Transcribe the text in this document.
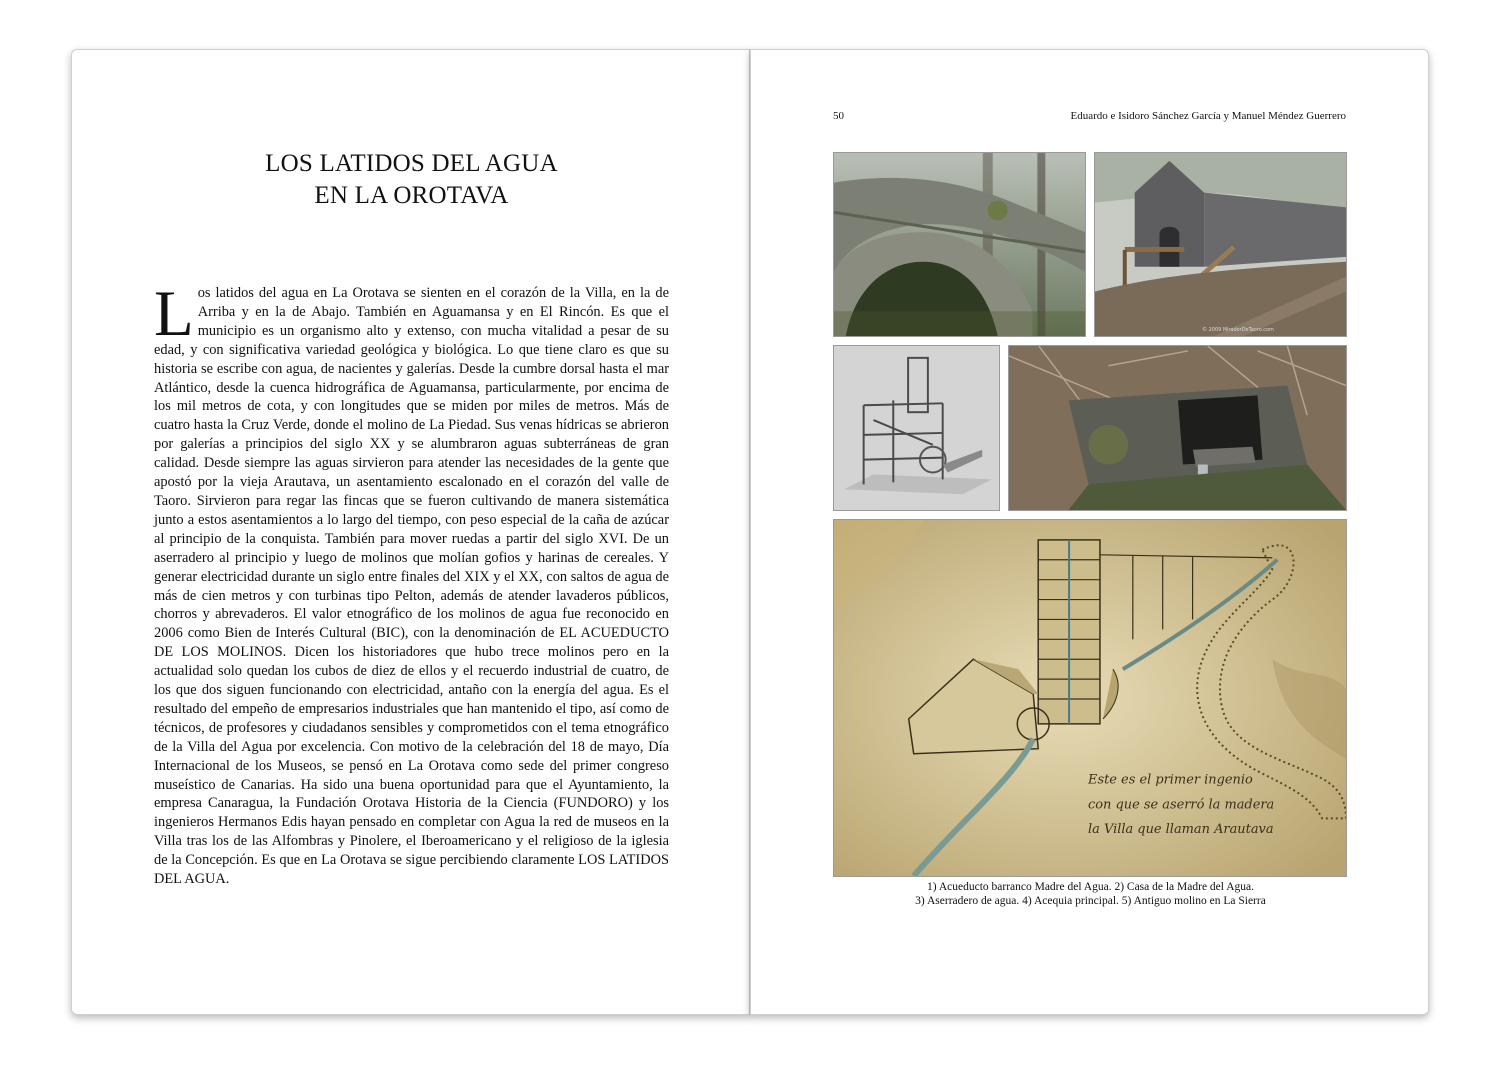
LOS LATIDOS DEL AGUA
EN LA OROTAVA

Los latidos del agua en La Orotava se sienten en el corazón de la Villa, en la de Arriba y en la de Abajo. También en Aguamansa y en El Rincón. Es que el municipio es un organismo alto y extenso, con mucha vitalidad a pesar de su edad, y con significativa variedad geológica y biológica. Lo que tiene claro es que su historia se escribe con agua, de nacientes y galerías. Desde la cumbre dorsal hasta el mar Atlántico, desde la cuenca hidrográfica de Aguamansa, particularmente, por encima de los mil metros de cota, y con longitudes que se miden por miles de metros. Más de cuatro hasta la Cruz Verde, donde el molino de La Piedad. Sus venas hídricas se abrieron por galerías a principios del siglo XX y se alumbraron aguas subterráneas de gran calidad. Desde siempre las aguas sirvieron para atender las necesidades de la gente que apostó por la vieja Arautava, un asentamiento escalonado en el corazón del valle de Taoro. Sirvieron para regar las fincas que se fueron cultivando de manera sistemática junto a estos asentamientos a lo largo del tiempo, con peso especial de la caña de azúcar al principio de la conquista. También para mover ruedas a partir del siglo XVI. De un aserradero al principio y luego de molinos que molían gofios y harinas de cereales. Y generar electricidad durante un siglo entre finales del XIX y el XX, con saltos de agua de más de cien metros y con turbinas tipo Pelton, además de atender lavaderos públicos, chorros y abrevaderos. El valor etnográfico de los molinos de agua fue reconocido en 2006 como Bien de Interés Cultural (BIC), con la denominación de EL ACUEDUCTO DE LOS MOLINOS. Dicen los historiadores que hubo trece molinos pero en la actualidad solo quedan los cubos de diez de ellos y el recuerdo industrial de cuatro, de los que dos siguen funcionando con electricidad, antaño con la energía del agua. Es el resultado del empeño de empresarios industriales que han mantenido el tipo, así como de técnicos, de profesores y ciudadanos sensibles y comprometidos con el tema etnográfico de la Villa del Agua por excelencia. Con motivo de la celebración del 18 de mayo, Día Internacional de los Museos, se pensó en La Orotava como sede del primer congreso museístico de Canarias. Ha sido una buena oportunidad para que el Ayuntamiento, la empresa Canaragua, la Fundación Orotava Historia de la Ciencia (FUNDORO) y los ingenieros Hermanos Edis hayan pensado en completar con Agua la red de museos en la Villa tras los de las Alfombras y Pinolere, el Iberoamericano y el religioso de la iglesia de la Concepción. Es que en La Orotava se sigue percibiendo claramente LOS LATIDOS DEL AGUA.

50	Eduardo e Isidoro Sánchez García y Manuel Méndez Guerrero
© 2009 MiradorDeTaoro.com
Este es el primer ingenio
con que se aserró la madera
la Villa que llaman Arautava
1) Acueducto barranco Madre del Agua. 2) Casa de la Madre del Agua.
3) Aserradero de agua. 4) Acequia principal. 5) Antiguo molino en La Sierra
